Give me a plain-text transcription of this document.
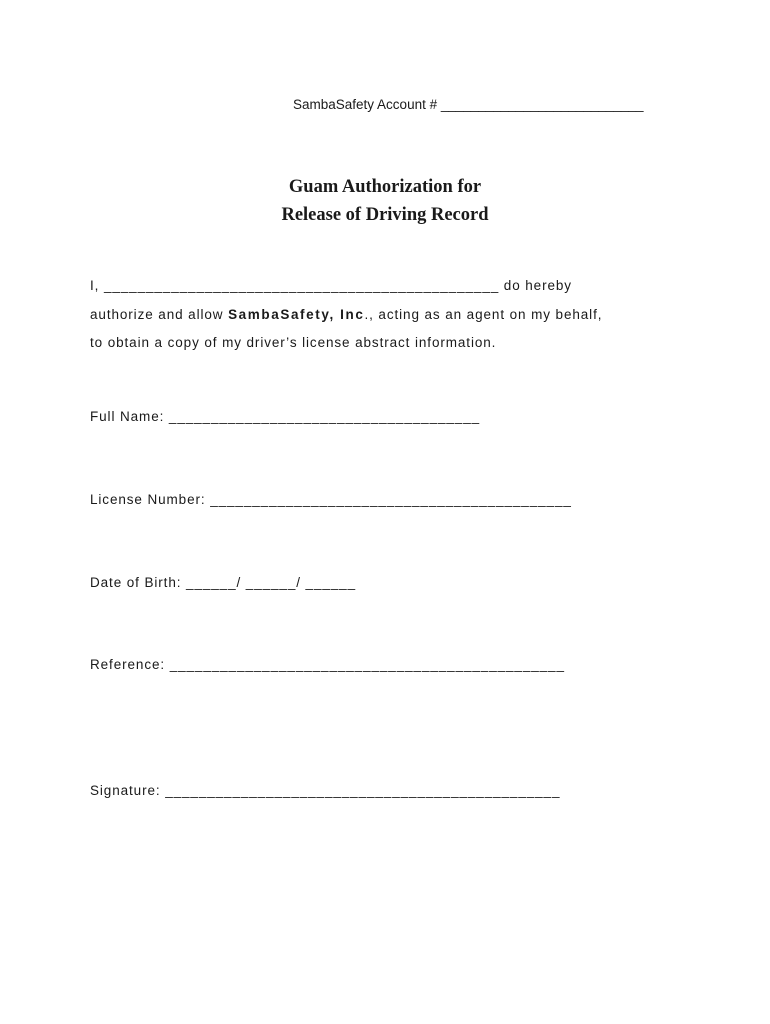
SambaSafety Account # ___________________________
Guam Authorization for
Release of Driving Record
I, _______________________________________________ do hereby
authorize and allow SambaSafety, Inc., acting as an agent on my behalf,
to obtain a copy of my driver’s license abstract information.
Full Name: _____________________________________
License Number: ___________________________________________
Date of Birth: ______/ ______/ ______
Reference: _______________________________________________
Signature: _______________________________________________
